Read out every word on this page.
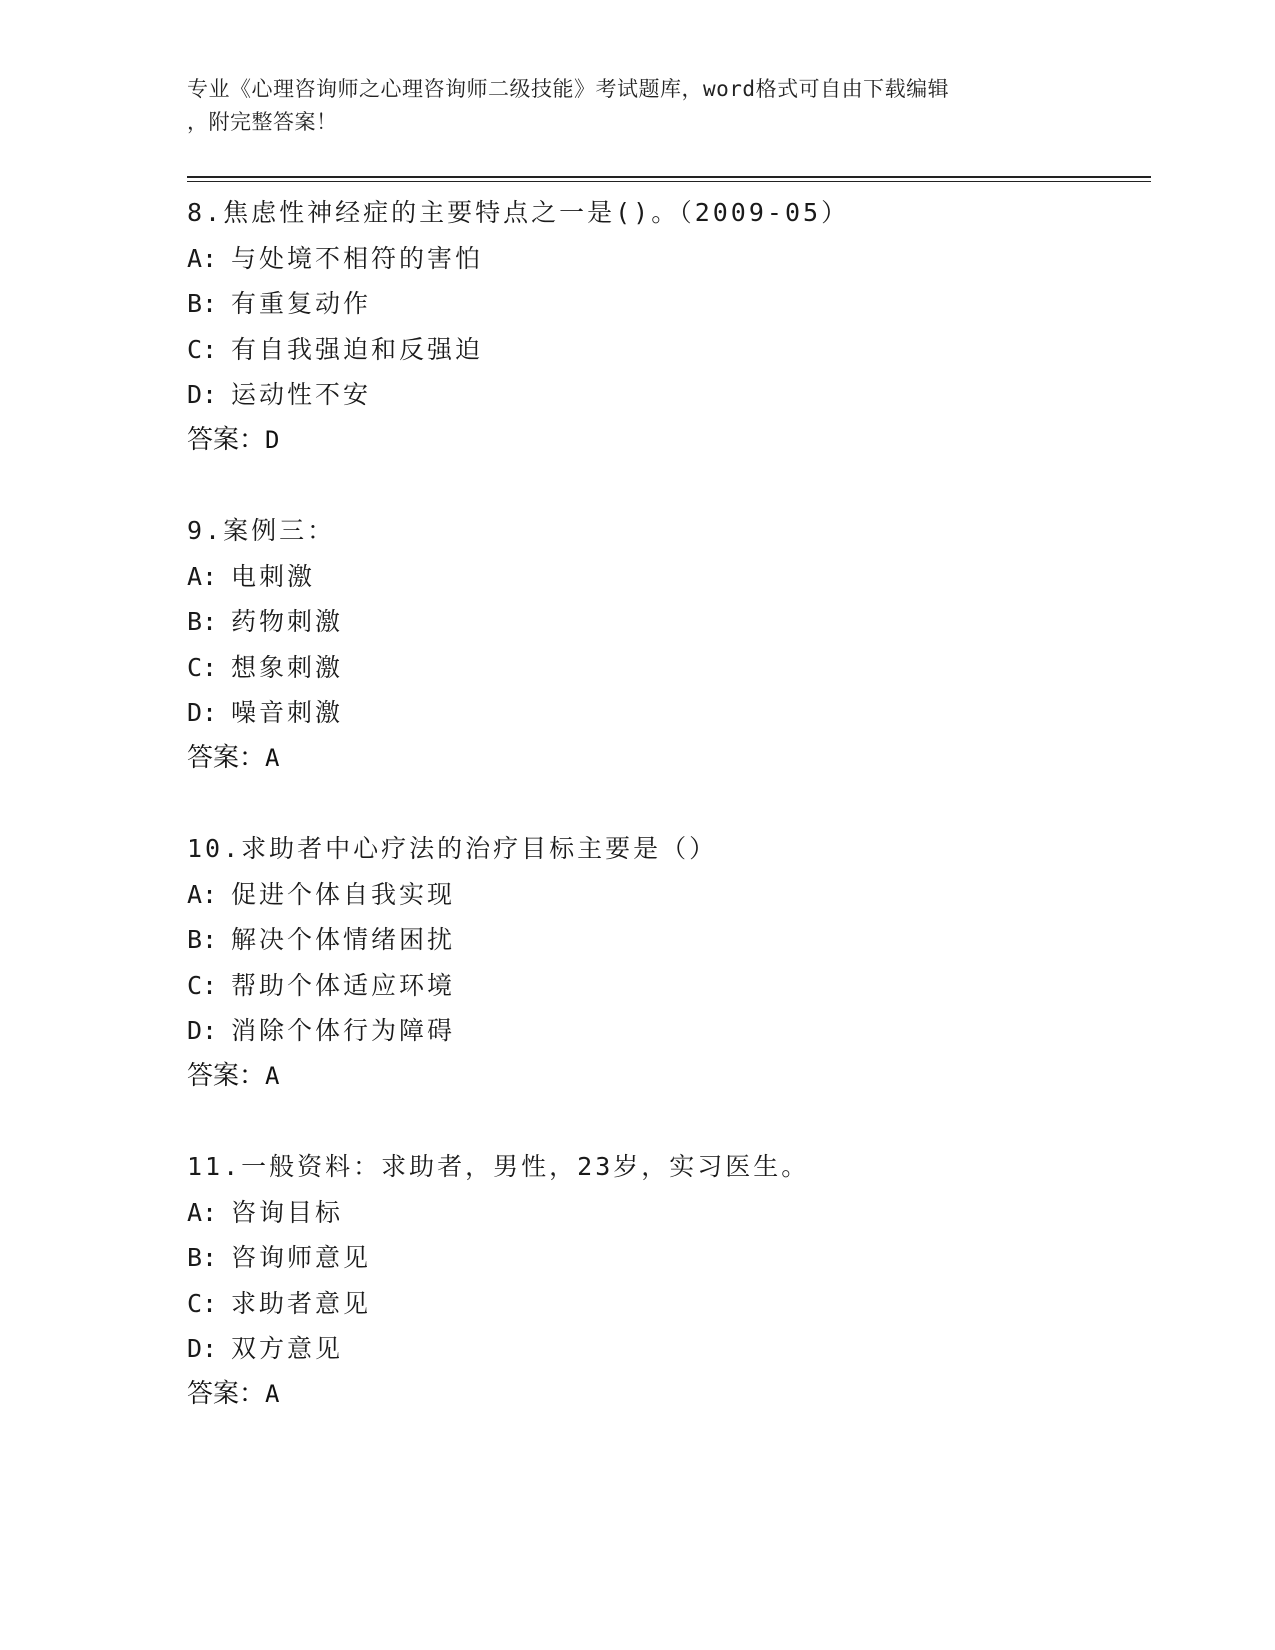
专业《心理咨询师之心理咨询师二级技能》考试题库，word格式可自由下载编辑
，附完整答案！
8.焦虑性神经症的主要特点之一是()。（2009-05）
A: 与处境不相符的害怕
B: 有重复动作
C: 有自我强迫和反强迫
D: 运动性不安
答案：D
9.案例三：
A: 电刺激
B: 药物刺激
C: 想象刺激
D: 噪音刺激
答案：A
10.求助者中心疗法的治疗目标主要是（）
A: 促进个体自我实现
B: 解决个体情绪困扰
C: 帮助个体适应环境
D: 消除个体行为障碍
答案：A
11.一般资料：求助者，男性，23岁，实习医生。
A: 咨询目标
B: 咨询师意见
C: 求助者意见
D: 双方意见
答案：A
